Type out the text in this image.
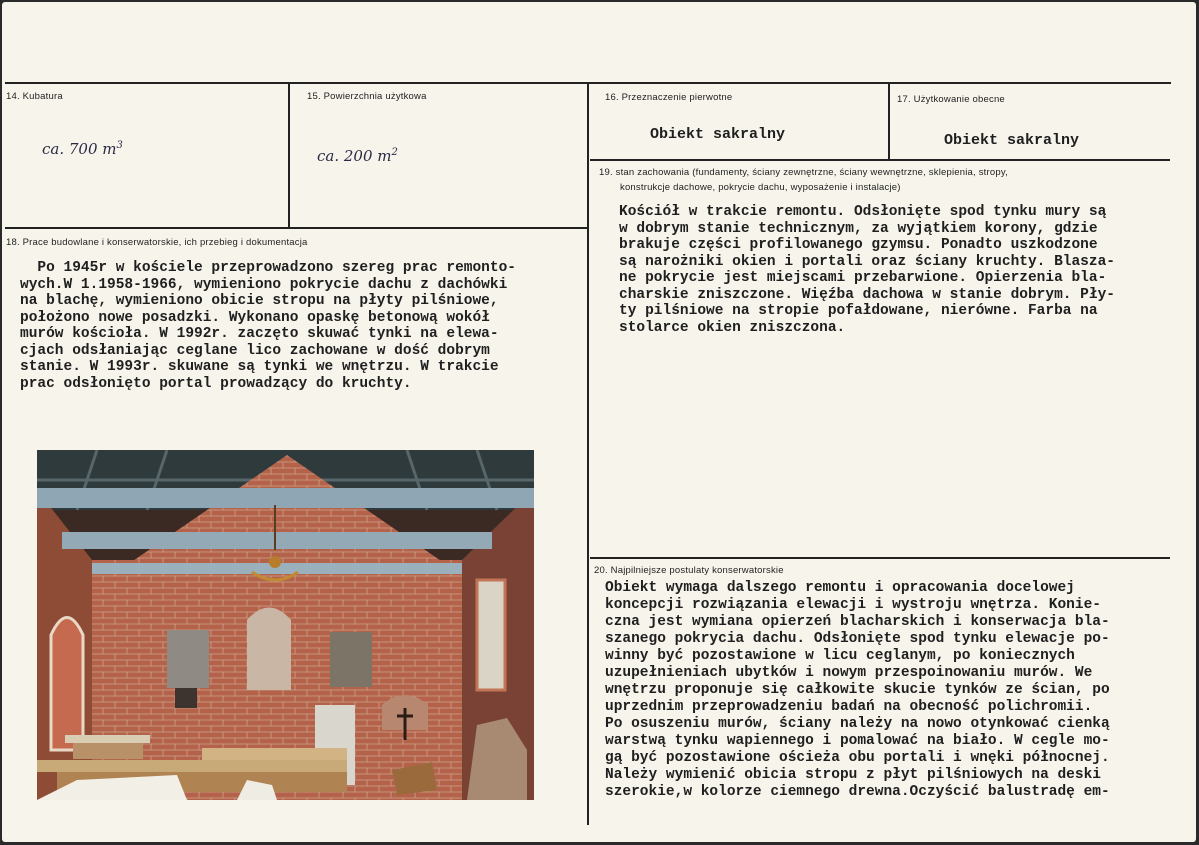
14. Kubatura
ca. 700 $m^3$
15. Powierzchnia użytkowa
ca. 200 $m^2$
16. Przeznaczenie pierwotne
Obiekt sakralny
17. Użytkowanie obecne
Obiekt sakralny
18. Prace budowlane i konserwatorskie, ich przebieg i dokumentacja
Po 1945r w kościele przeprowadzono szereg prac remonto-
wych.W 1.1958-1966, wymieniono pokrycie dachu z dachówki
na blachę, wymieniono obicie stropu na płyty pilśniowe,
położono nowe posadzki. Wykonano opaskę betonową wokół
murów kościoła. W 1992r. zaczęto skuwać tynki na elewa-
cjach odsłaniając ceglane lico zachowane w dość dobrym
stanie. W 1993r. skuwane są tynki we wnętrzu. W trakcie
prac odsłonięto portal prowadzący do kruchty.
19. stan zachowania (fundamenty, ściany zewnętrzne, ściany wewnętrzne, sklepienia, stropy,
konstrukcje dachowe, pokrycie dachu, wyposażenie i instalacje)
Kościół w trakcie remontu. Odsłonięte spod tynku mury są
w dobrym stanie technicznym, za wyjątkiem korony, gdzie
brakuje części profilowanego gzymsu. Ponadto uszkodzone
są narożniki okien i portali oraz ściany kruchty. Blasza-
ne pokrycie jest miejscami przebarwione. Opierzenia bla-
charskie zniszczone. Więźba dachowa w stanie dobrym. Pły-
ty pilśniowe na stropie pofałdowane, nierówne. Farba na
stolarce okien zniszczona.
20. Najpilniejsze postulaty konserwatorskie
Obiekt wymaga dalszego remontu i opracowania docelowej
koncepcji rozwiązania elewacji i wystroju wnętrza. Konie-
czna jest wymiana opierzeń blacharskich i konserwacja bla-
szanego pokrycia dachu. Odsłonięte spod tynku elewacje po-
winny być pozostawione w licu ceglanym, po koniecznych
uzupełnieniach ubytków i nowym przespoinowaniu murów. We
wnętrzu proponuje się całkowite skucie tynków ze ścian, po
uprzednim przeprowadzeniu badań na obecność polichromii.
Po osuszeniu murów, ściany należy na nowo otynkować cienką
warstwą tynku wapiennego i pomalować na biało. W cegle mo-
gą być pozostawione ościeża obu portali i wnęki północnej.
Należy wymienić obicia stropu z płyt pilśniowych na deski
szerokie,w kolorze ciemnego drewna.Oczyścić balustradę em-
